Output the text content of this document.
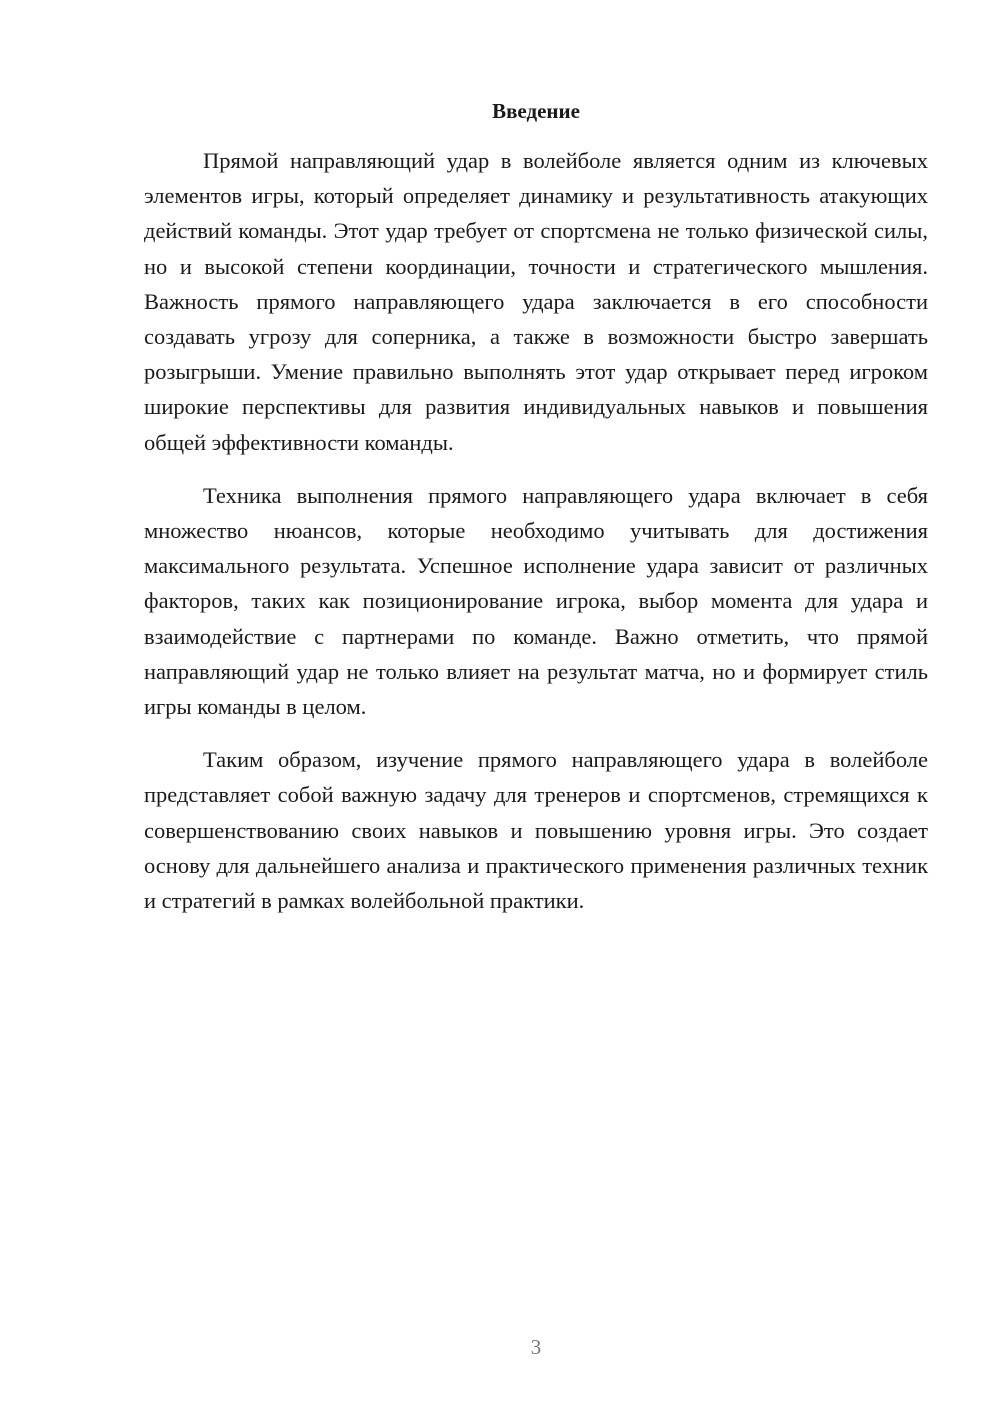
Введение

Прямой направляющий удар в волейболе является одним из ключевых элементов игры, который определяет динамику и результативность атакующих действий команды. Этот удар требует от спортсмена не только физической силы, но и высокой степени координации, точности и стратегического мышления. Важность прямого направляющего удара заключается в его способности создавать угрозу для соперника, а также в возможности быстро завершать розыгрыши. Умение правильно выполнять этот удар открывает перед игроком широкие перспективы для развития индивидуальных навыков и повышения общей эффективности команды.

Техника выполнения прямого направляющего удара включает в себя множество нюансов, которые необходимо учитывать для достижения максимального результата. Успешное исполнение удара зависит от различных факторов, таких как позиционирование игрока, выбор момента для удара и взаимодействие с партнерами по команде. Важно отметить, что прямой направляющий удар не только влияет на результат матча, но и формирует стиль игры команды в целом.

Таким образом, изучение прямого направляющего удара в волейболе представляет собой важную задачу для тренеров и спортсменов, стремящихся к совершенствованию своих навыков и повышению уровня игры. Это создает основу для дальнейшего анализа и практического применения различных техник и стратегий в рамках волейбольной практики.

3
